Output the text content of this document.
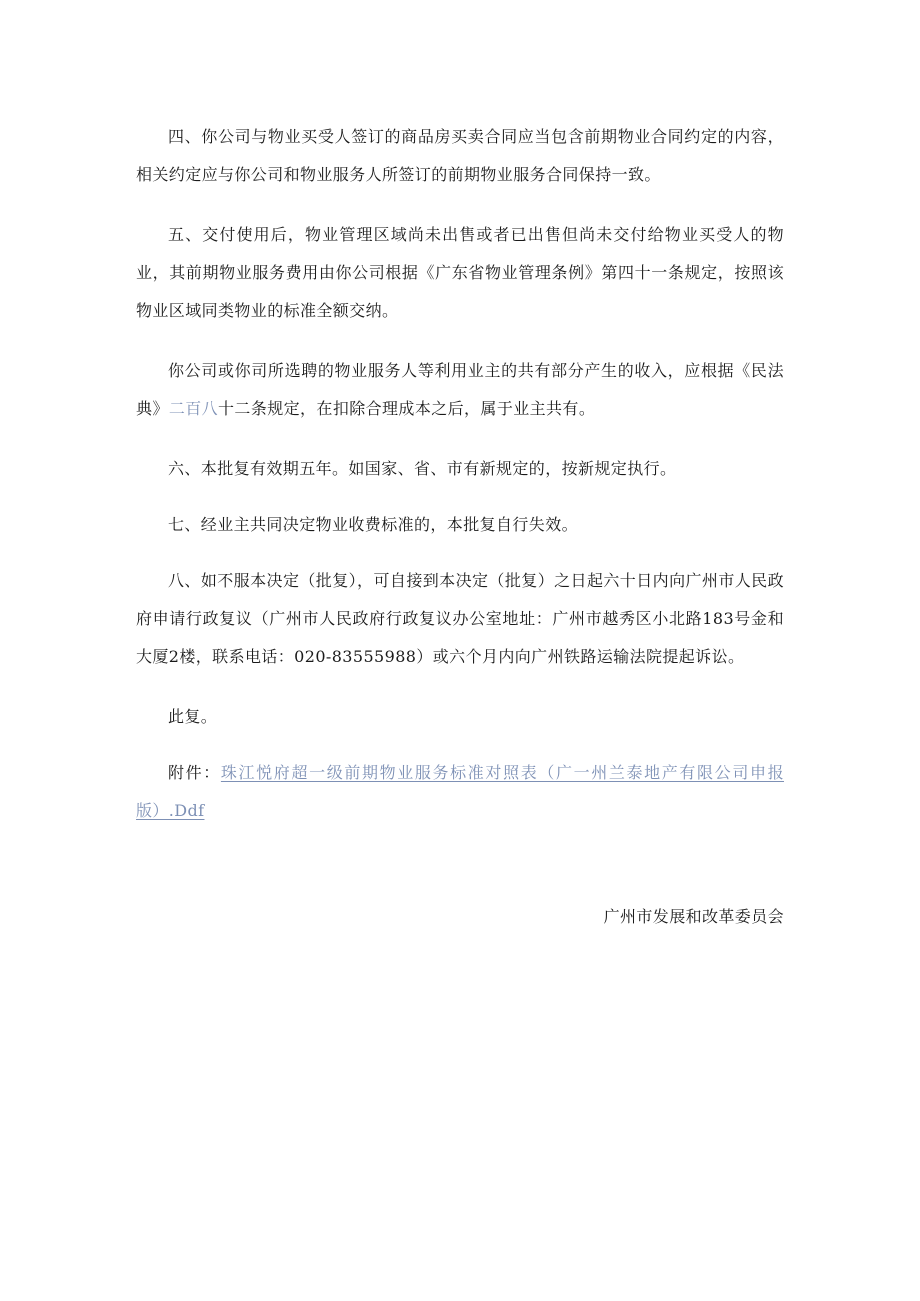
四、你公司与物业买受人签订的商品房买卖合同应当包含前期物业合同约定的内容，相关约定应与你公司和物业服务人所签订的前期物业服务合同保持一致。

五、交付使用后，物业管理区域尚未出售或者已出售但尚未交付给物业买受人的物业，其前期物业服务费用由你公司根据《广东省物业管理条例》第四十一条规定，按照该物业区域同类物业的标准全额交纳。

你公司或你司所选聘的物业服务人等利用业主的共有部分产生的收入，应根据《民法典》二百八十二条规定，在扣除合理成本之后，属于业主共有。

六、本批复有效期五年。如国家、省、市有新规定的，按新规定执行。

七、经业主共同决定物业收费标准的，本批复自行失效。

八、如不服本决定（批复），可自接到本决定（批复）之日起六十日内向广州市人民政府申请行政复议（广州市人民政府行政复议办公室地址：广州市越秀区小北路183号金和大厦2楼，联系电话：020-83555988）或六个月内向广州铁路运输法院提起诉讼。

此复。

附件：珠江悦府超一级前期物业服务标准对照表（广一州兰泰地产有限公司申报版）.Ddf

广州市发展和改革委员会
